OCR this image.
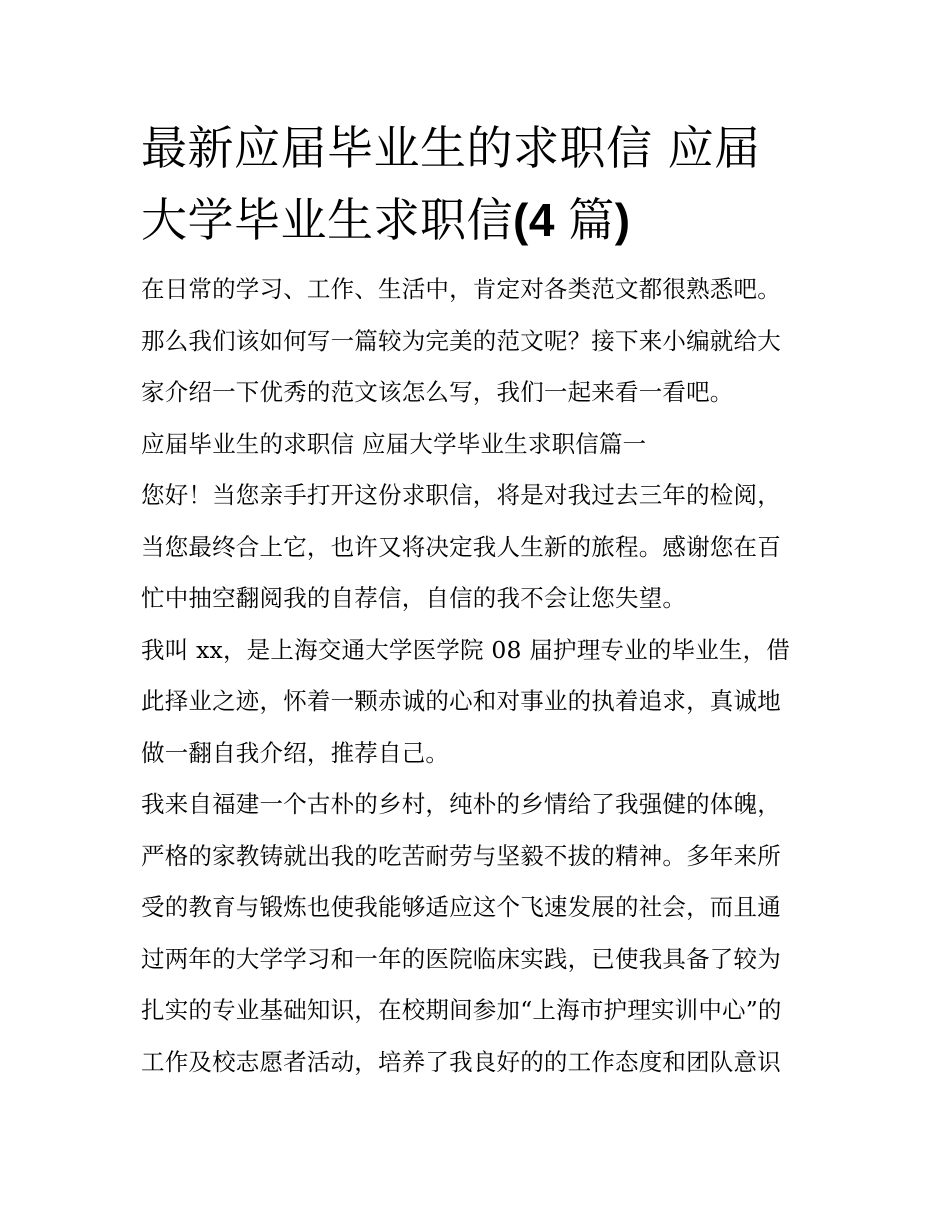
最新应届毕业生的求职信 应届
大学毕业生求职信(4 篇)
在日常的学习、工作、生活中，肯定对各类范文都很熟悉吧。
那么我们该如何写一篇较为完美的范文呢？接下来小编就给大
家介绍一下优秀的范文该怎么写，我们一起来看一看吧。
应届毕业生的求职信 应届大学毕业生求职信篇一
您好！当您亲手打开这份求职信，将是对我过去三年的检阅，
当您最终合上它，也许又将决定我人生新的旅程。感谢您在百
忙中抽空翻阅我的自荐信，自信的我不会让您失望。
我叫 xx，是上海交通大学医学院 08 届护理专业的毕业生，借
此择业之迹，怀着一颗赤诚的心和对事业的执着追求，真诚地
做一翻自我介绍，推荐自己。
我来自福建一个古朴的乡村，纯朴的乡情给了我强健的体魄，
严格的家教铸就出我的吃苦耐劳与坚毅不拔的精神。多年来所
受的教育与锻炼也使我能够适应这个飞速发展的社会，而且通
过两年的大学学习和一年的医院临床实践，已使我具备了较为
扎实的专业基础知识，在校期间参加“上海市护理实训中心”的
工作及校志愿者活动，培养了我良好的的工作态度和团队意识
